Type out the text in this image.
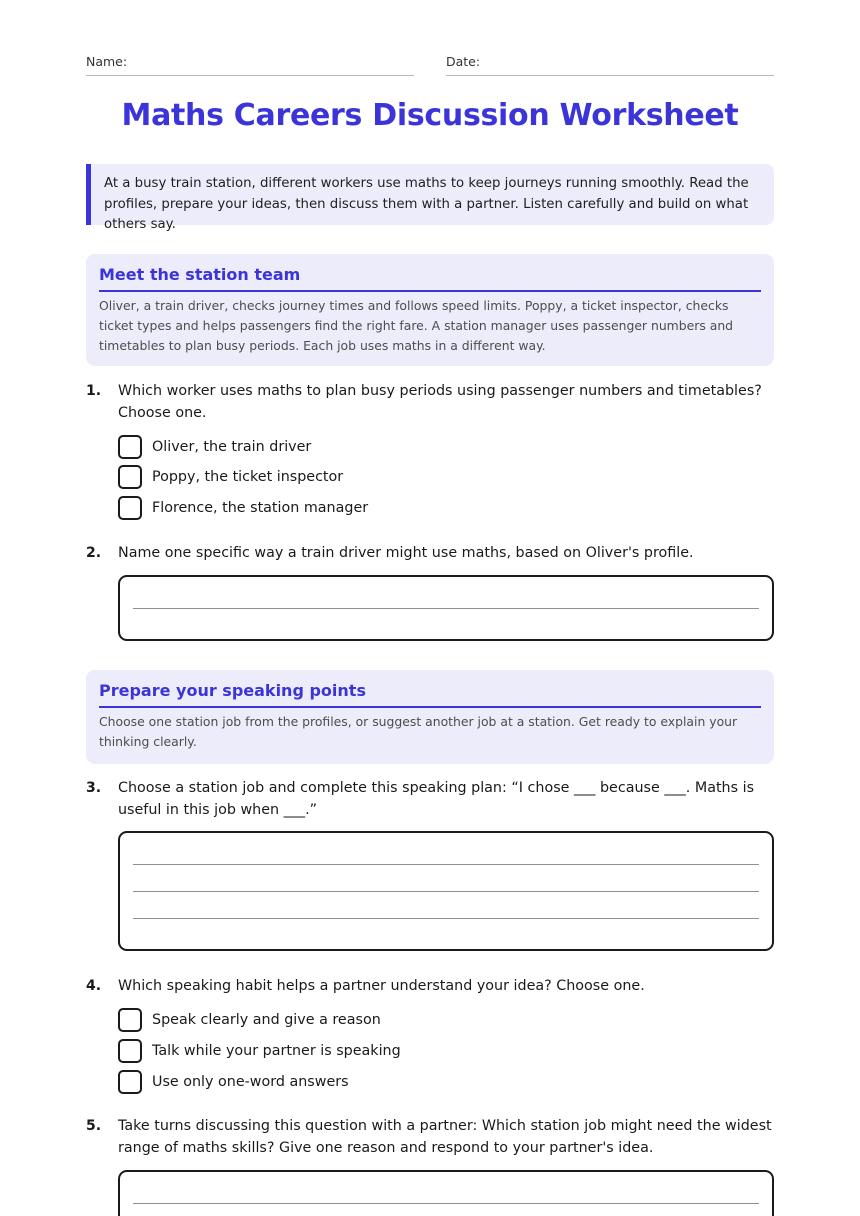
Name:	Date:
Maths Careers Discussion Worksheet
At a busy train station, different workers use maths to keep journeys running smoothly. Read the profiles, prepare your ideas, then discuss them with a partner. Listen carefully and build on what others say.
Meet the station team

Oliver, a train driver, checks journey times and follows speed limits. Poppy, a ticket inspector, checks ticket types and helps passengers find the right fare. A station manager uses passenger numbers and timetables to plan busy periods. Each job uses maths in a different way.

1. Which worker uses maths to plan busy periods using passenger numbers and timetables? Choose one.
Oliver, the train driver
Poppy, the ticket inspector
Florence, the station manager
2. Name one specific way a train driver might use maths, based on Oliver's profile.
Prepare your speaking points

Choose one station job from the profiles, or suggest another job at a station. Get ready to explain your thinking clearly.

3. Choose a station job and complete this speaking plan: “I chose ___ because ___. Maths is useful in this job when ___.”
4. Which speaking habit helps a partner understand your idea? Choose one.
Speak clearly and give a reason
Talk while your partner is speaking
Use only one-word answers
5. Take turns discussing this question with a partner: Which station job might need the widest range of maths skills? Give one reason and respond to your partner's idea.
